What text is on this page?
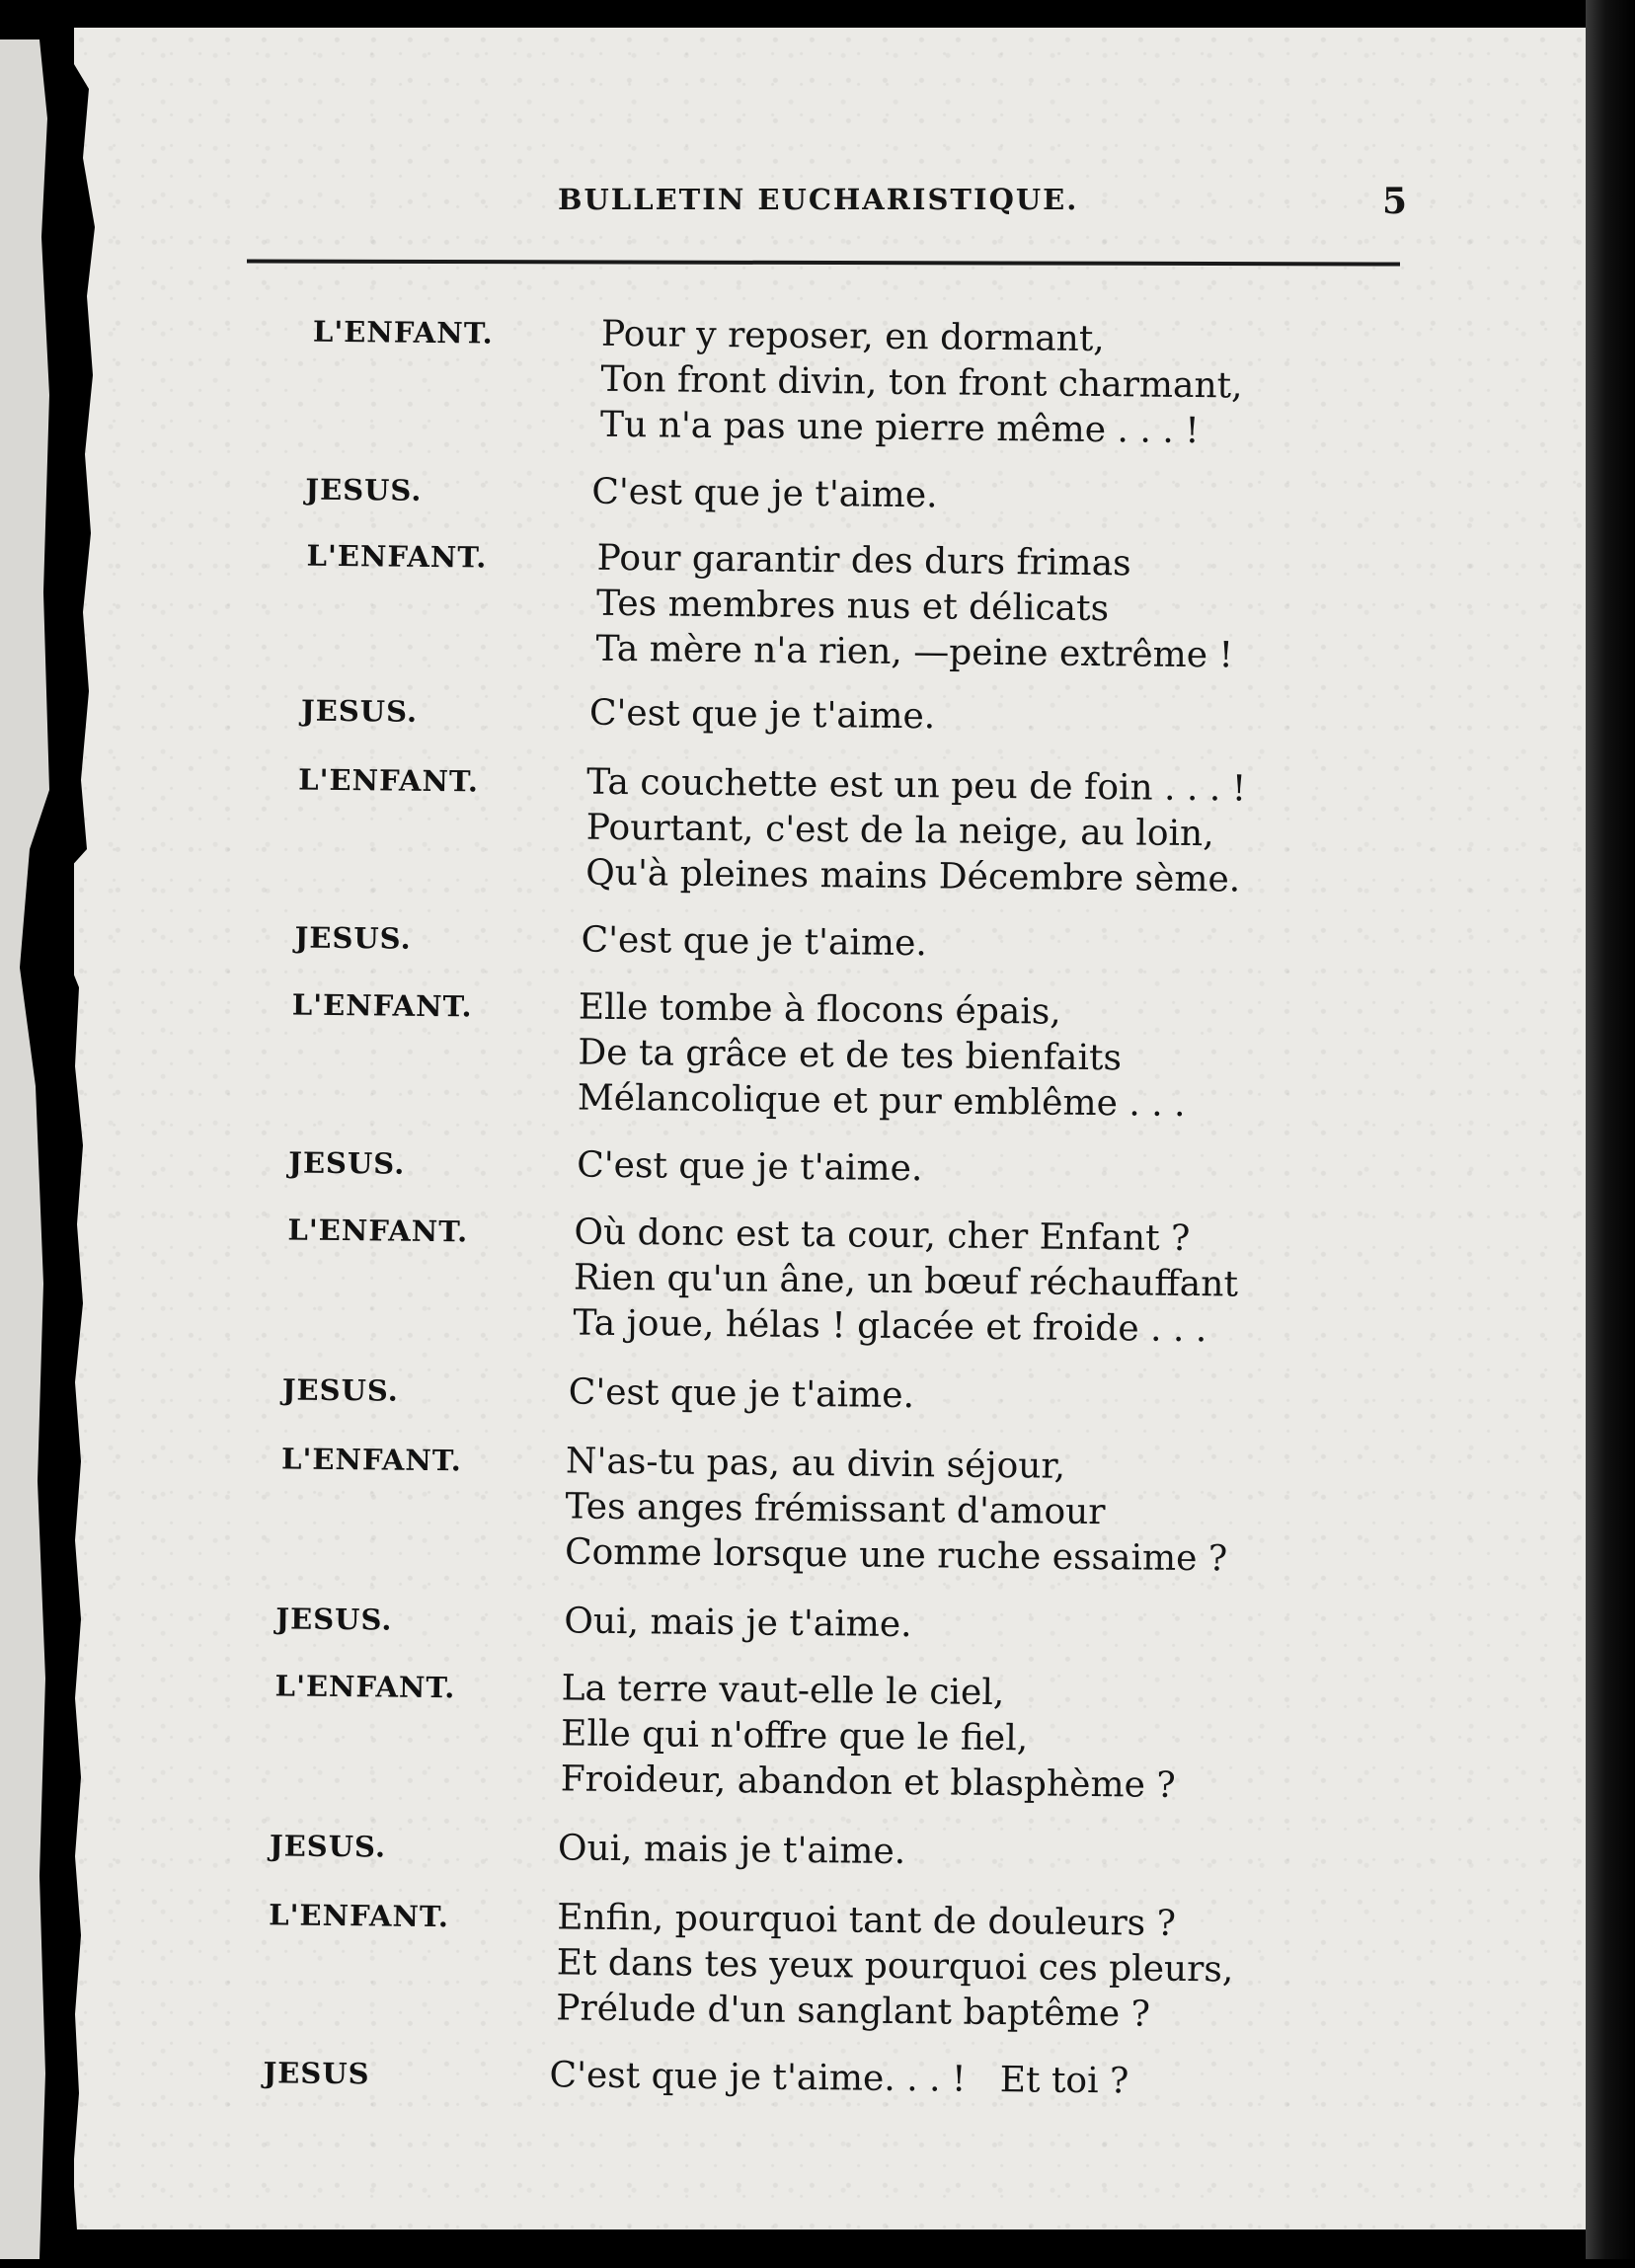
BULLETIN EUCHARISTIQUE.	5
L'ENFANT.	Pour y reposer, en dormant,
Ton front divin, ton front charmant,
Tu n'a pas une pierre même . . . !
JESUS.	C'est que je t'aime.
L'ENFANT.	Pour garantir des durs frimas
Tes membres nus et délicats
Ta mère n'a rien, —peine extrême !
JESUS.	C'est que je t'aime.
L'ENFANT.	Ta couchette est un peu de foin . . . !
Pourtant, c'est de la neige, au loin,
Qu'à pleines mains Décembre sème.
JESUS.	C'est que je t'aime.
L'ENFANT.	Elle tombe à flocons épais,
De ta grâce et de tes bienfaits
Mélancolique et pur emblême . . .
JESUS.	C'est que je t'aime.
L'ENFANT.	Où donc est ta cour, cher Enfant ?
Rien qu'un âne, un bœuf réchauffant
Ta joue, hélas ! glacée et froide . . .
JESUS.	C'est que je t'aime.
L'ENFANT.	N'as-tu pas, au divin séjour,
Tes anges frémissant d'amour
Comme lorsque une ruche essaime ?
JESUS.	Oui, mais je t'aime.
L'ENFANT.	La terre vaut-elle le ciel,
Elle qui n'offre que le fiel,
Froideur, abandon et blasphème ?
JESUS.	Oui, mais je t'aime.
L'ENFANT.	Enfin, pourquoi tant de douleurs ?
Et dans tes yeux pourquoi ces pleurs,
Prélude d'un sanglant baptême ?
JESUS	C'est que je t'aime. . . !   Et toi ?
